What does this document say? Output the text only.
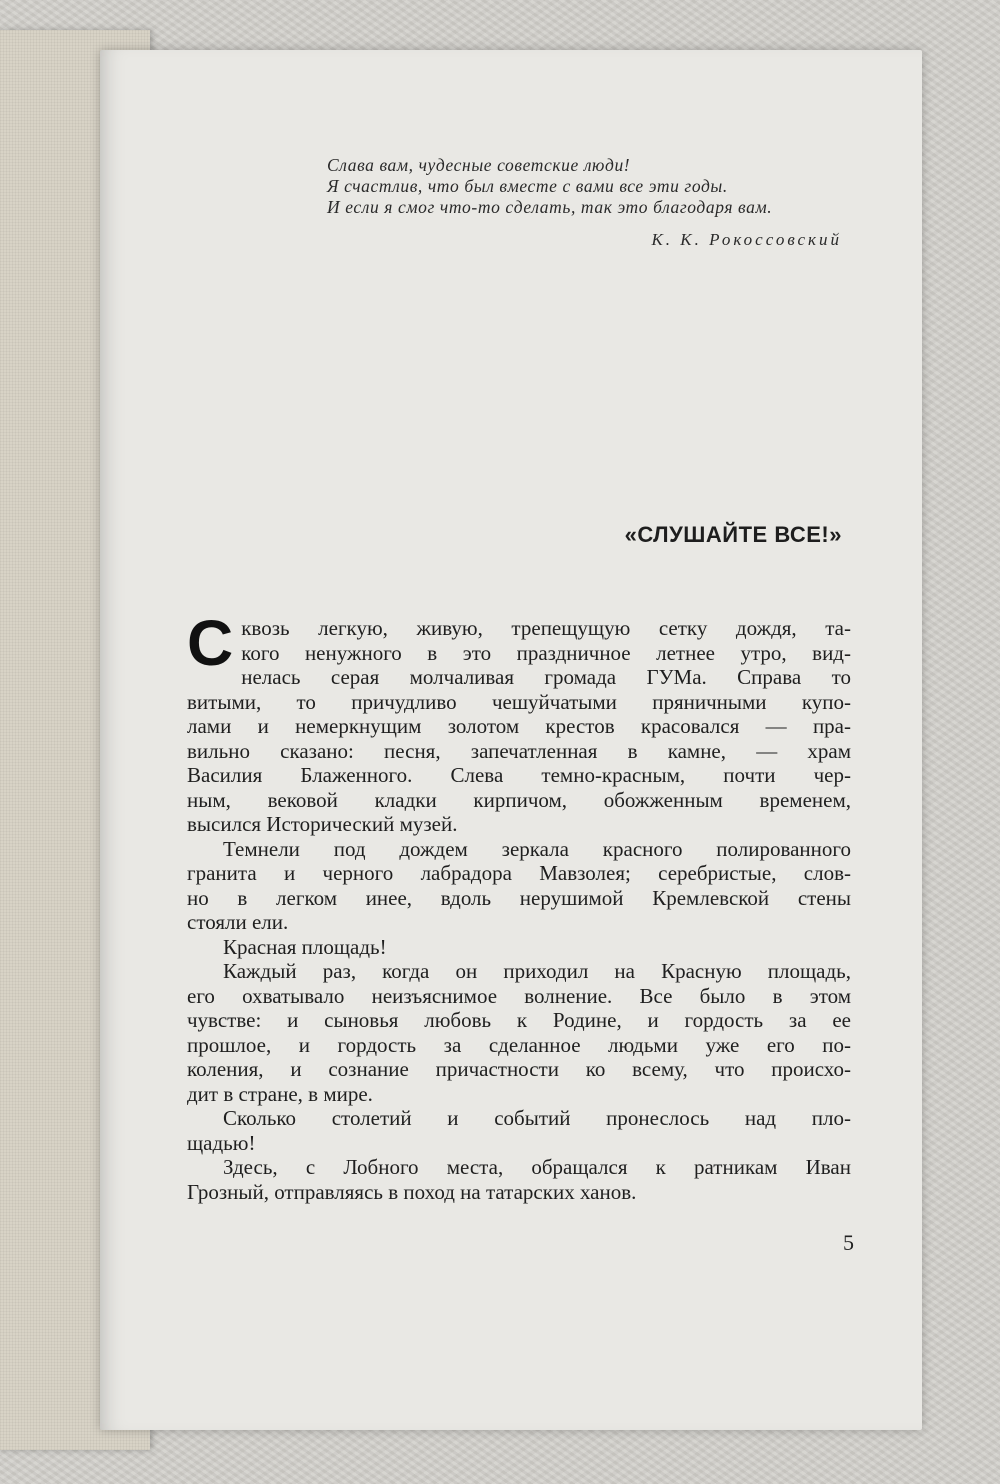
Слава вам, чудесные советские люди!
Я счастлив, что был вместе с вами все эти годы.
И если я смог что-то сделать, так это благодаря вам.
К. К. Рокоссовский
«СЛУШАЙТЕ ВСЕ!»

С квозь легкую, живую, трепещущую сетку дождя, та-
кого ненужного в это праздничное летнее утро, вид-
нелась серая молчаливая громада ГУМа. Справа то
витыми, то причудливо чешуйчатыми пряничными купо-
лами и немеркнущим золотом крестов красовался — пра-
вильно сказано: песня, запечатленная в камне, — храм
Василия Блаженного. Слева темно-красным, почти чер-
ным, вековой кладки кирпичом, обожженным временем,
высился Исторический музей.

Темнели под дождем зеркала красного полированного
гранита и черного лабрадора Мавзолея; серебристые, слов-
но в легком инее, вдоль нерушимой Кремлевской стены
стояли ели.

Красная площадь!

Каждый раз, когда он приходил на Красную площадь,
его охватывало неизъяснимое волнение. Все было в этом
чувстве: и сыновья любовь к Родине, и гордость за ее
прошлое, и гордость за сделанное людьми уже его по-
коления, и сознание причастности ко всему, что происхо-
дит в стране, в мире.

Сколько столетий и событий пронеслось над пло-
щадью!

Здесь, с Лобного места, обращался к ратникам Иван
Грозный, отправляясь в поход на татарских ханов.

5
